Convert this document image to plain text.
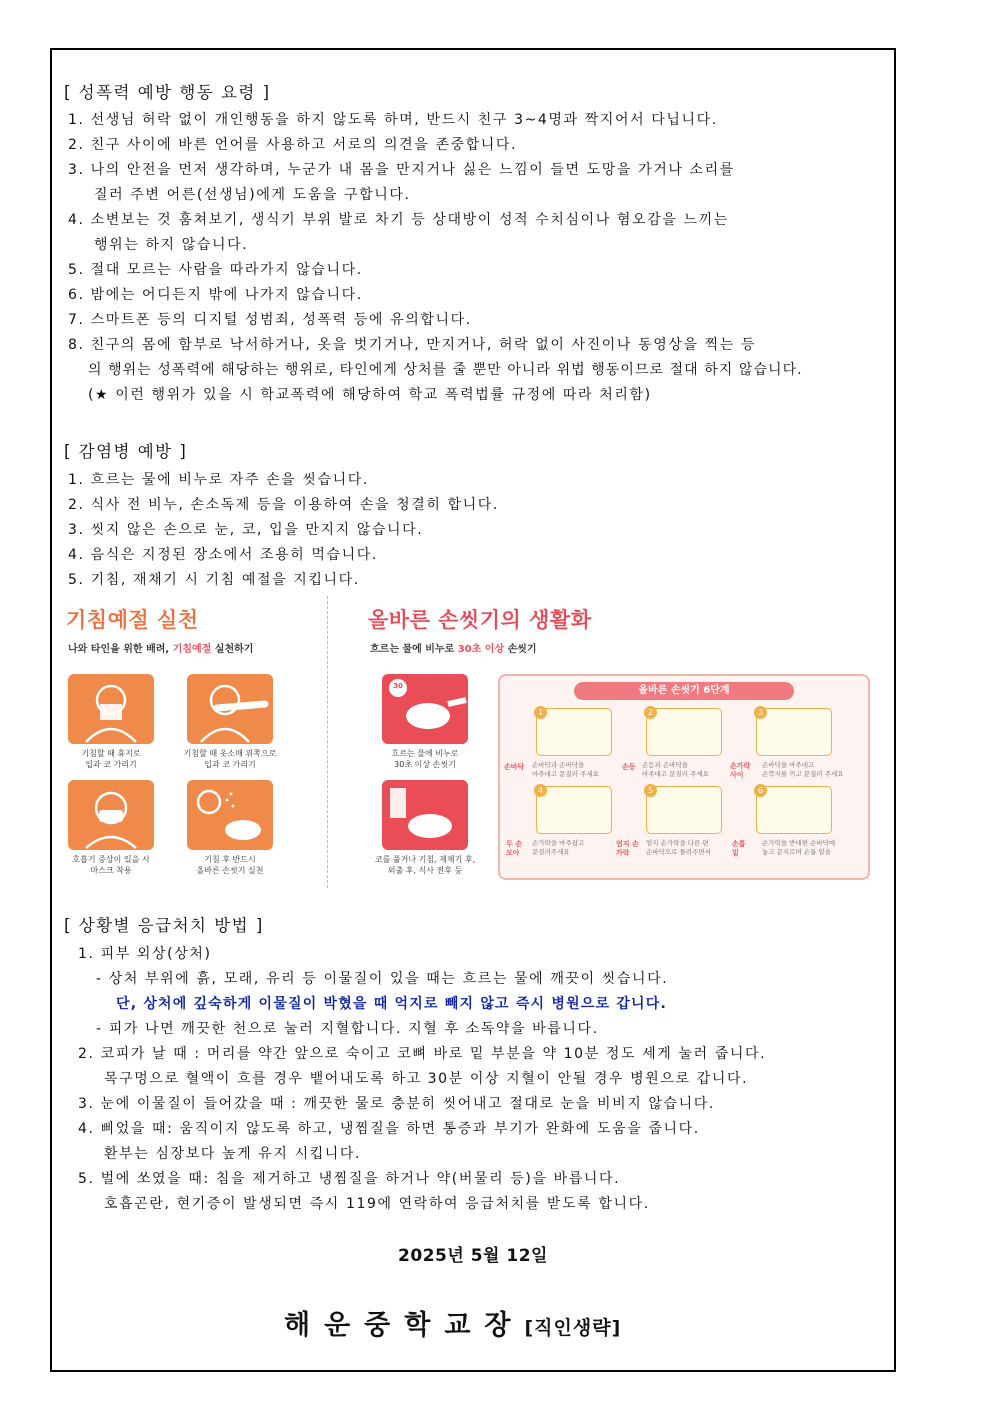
[ 성폭력 예방 행동 요령 ]
1. 선생님 허락 없이 개인행동을 하지 않도록 하며, 반드시 친구 3~4명과 짝지어서 다닙니다.
2. 친구 사이에 바른 언어를 사용하고 서로의 의견을 존중합니다.
3. 나의 안전을 먼저 생각하며, 누군가 내 몸을 만지거나 싫은 느낌이 들면 도망을 가거나 소리를
질러 주변 어른(선생님)에게 도움을 구합니다.
4. 소변보는 것 훔쳐보기, 생식기 부위 발로 차기 등 상대방이 성적 수치심이나 혐오감을 느끼는
행위는 하지 않습니다.
5. 절대 모르는 사람을 따라가지 않습니다.
6. 밤에는 어디든지 밖에 나가지 않습니다.
7. 스마트폰 등의 디지털 성범죄, 성폭력 등에 유의합니다.
8. 친구의 몸에 함부로 낙서하거나, 옷을 벗기거나, 만지거나, 허락 없이 사진이나 동영상을 찍는 등
의 행위는 성폭력에 해당하는 행위로, 타인에게 상처를 줄 뿐만 아니라 위법 행동이므로 절대 하지 않습니다.
(★ 이런 행위가 있을 시 학교폭력에 해당하여 학교 폭력법률 규정에 따라 처리함)
[ 감염병 예방 ]
1. 흐르는 물에 비누로 자주 손을 씻습니다.
2. 식사 전 비누, 손소독제 등을 이용하여 손을 청결히 합니다.
3. 씻지 않은 손으로 눈, 코, 입을 만지지 않습니다.
4. 음식은 지정된 장소에서 조용히 먹습니다.
5. 기침, 재채기 시 기침 예절을 지킵니다.
기침예절 실천
나와 타인을 위한 배려, 기침예절 실천하기
기침할 때 휴지로
입과 코 가리기
기침할 때 옷소매 위쪽으로
입과 코 가리기
호흡기 증상이 있을 시
마스크 착용
기침 후 반드시
올바른 손씻기 실천
올바른 손씻기의 생활화
흐르는 물에 비누로 30초 이상 손씻기
30
흐르는 물에 비누로
30초 이상 손씻기
코를 풀거나 기침, 재채기 후,
외출 후, 식사 전후 등
올바른 손씻기 6단계
1
손바닥 손바닥과 손바닥을
마주대고 문질러 주세요
2
손등 손등과 손바닥을
마주대고 문질러 주세요
3
손가락 사이
손바닥을 마주대고
손깍지를 끼고 문질러 주세요
4
두 손 모아
손가락을 마주잡고
문질러주세요
5
엄지 손가락
엄지 손가락을 다른 편
손바닥으로 돌려주면서
6
손톱 밑
손가락을 반대편 손바닥에
놓고 문지르며 손톱 밑을
[ 상황별 응급처치 방법 ]
1. 피부 외상(상처)
- 상처 부위에 흙, 모래, 유리 등 이물질이 있을 때는 흐르는 물에 깨끗이 씻습니다.
단, 상처에 깊숙하게 이물질이 박혔을 때 억지로 빼지 않고 즉시 병원으로 갑니다.
- 피가 나면 깨끗한 천으로 눌러 지혈합니다. 지혈 후 소독약을 바릅니다.
2. 코피가 날 때 : 머리를 약간 앞으로 숙이고 코뼈 바로 밑 부분을 약 10분 정도 세게 눌러 줍니다.
목구멍으로 혈액이 흐를 경우 뱉어내도록 하고 30분 이상 지혈이 안될 경우 병원으로 갑니다.
3. 눈에 이물질이 들어갔을 때 : 깨끗한 물로 충분히 씻어내고 절대로 눈을 비비지 않습니다.
4. 삐었을 때: 움직이지 않도록 하고, 냉찜질을 하면 통증과 부기가 완화에 도움을 줍니다.
환부는 심장보다 높게 유지 시킵니다.
5. 벌에 쏘였을 때: 침을 제거하고 냉찜질을 하거나 약(버물리 등)을 바릅니다.
호흡곤란, 현기증이 발생되면 즉시 119에 연락하여 응급처치를 받도록 합니다.
2025년 5월 12일
해운중학교장[직인생략]
